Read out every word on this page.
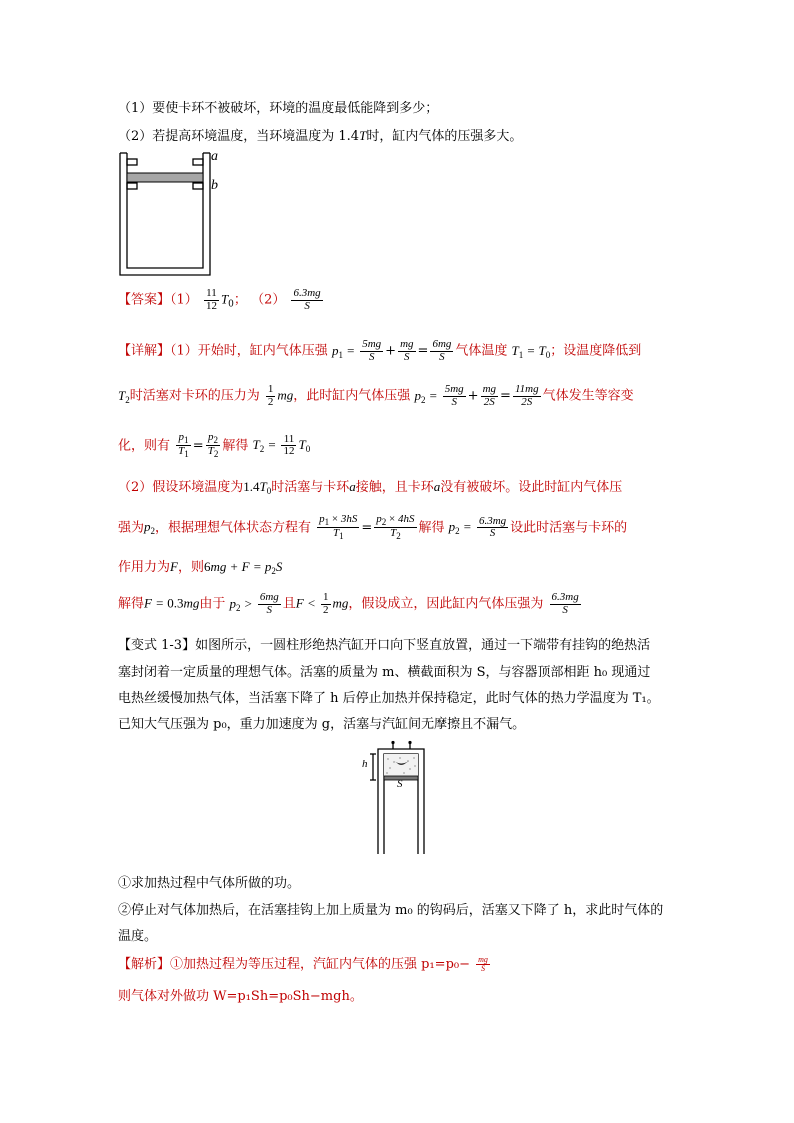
（1）要使卡环不被破坏，环境的温度最低能降到多少；
（2）若提高环境温度，当环境温度为 1.4T时，缸内气体的压强多大。
a
b
【答案】$(1) \frac{11}{12} T_0$； $(2) \frac{6.3mg}{S}$
【详解】（1）开始时，缸内气体压强 $p_1 = \frac{5mg}{S} + \frac{mg}{S} = \frac{6mg}{S}$ 气体温度 $T_1 = T_0$；设温度降低到
$T_2$时活塞对卡环的压力为 $\frac{1}{2}$ mg，此时缸内气体压强 $p_2 = \frac{5mg}{S} + \frac{mg}{2S} = \frac{11mg}{2S}$ 气体发生等容变
化，则有 $\frac{p_1}{T_1} = \frac{p_2}{T_2}$ 解得 $T_2 = \frac{11}{12} T_0$
（2）假设环境温度为$1.4T_0$时活塞与卡环a接触，且卡环a没有被破坏。设此时缸内气体压
强为$p_2$，根据理想气体状态方程有 $\frac{p_1 \times 3hS}{T_1} = \frac{p_2 \times 4hS}{T_2}$ 解得 $p_2 = \frac{6.3mg}{S}$ 设此时活塞与卡环的
作用力为F，则$6mg + F = p_2S$
解得F = 0.3mg由于 $p_2 > \frac{6mg}{S}$ 且$F < \frac{1}{2}$ mg，假设成立，因此缸内气体压强为 $\frac{6.3mg}{S}$
【变式 1-3】如图所示，一圆柱形绝热汽缸开口向下竖直放置，通过一下端带有挂钩的绝热活
塞封闭着一定质量的理想气体。活塞的质量为 m、横截面积为 S，与容器顶部相距 h₀ 现通过
电热丝缓慢加热气体，当活塞下降了 h 后停止加热并保持稳定，此时气体的热力学温度为 T₁。
已知大气压强为 p₀，重力加速度为 g，活塞与汽缸间无摩擦且不漏气。
h
S
①求加热过程中气体所做的功。
②停止对气体加热后，在活塞挂钩上加上质量为 m₀ 的钩码后，活塞又下降了 h，求此时气体的
温度。
【解析】①加热过程为等压过程，汽缸内气体的压强 $p_1=p_0- \frac{mg}{S}$
则气体对外做功 W=p₁Sh=p₀Sh−mgh。
